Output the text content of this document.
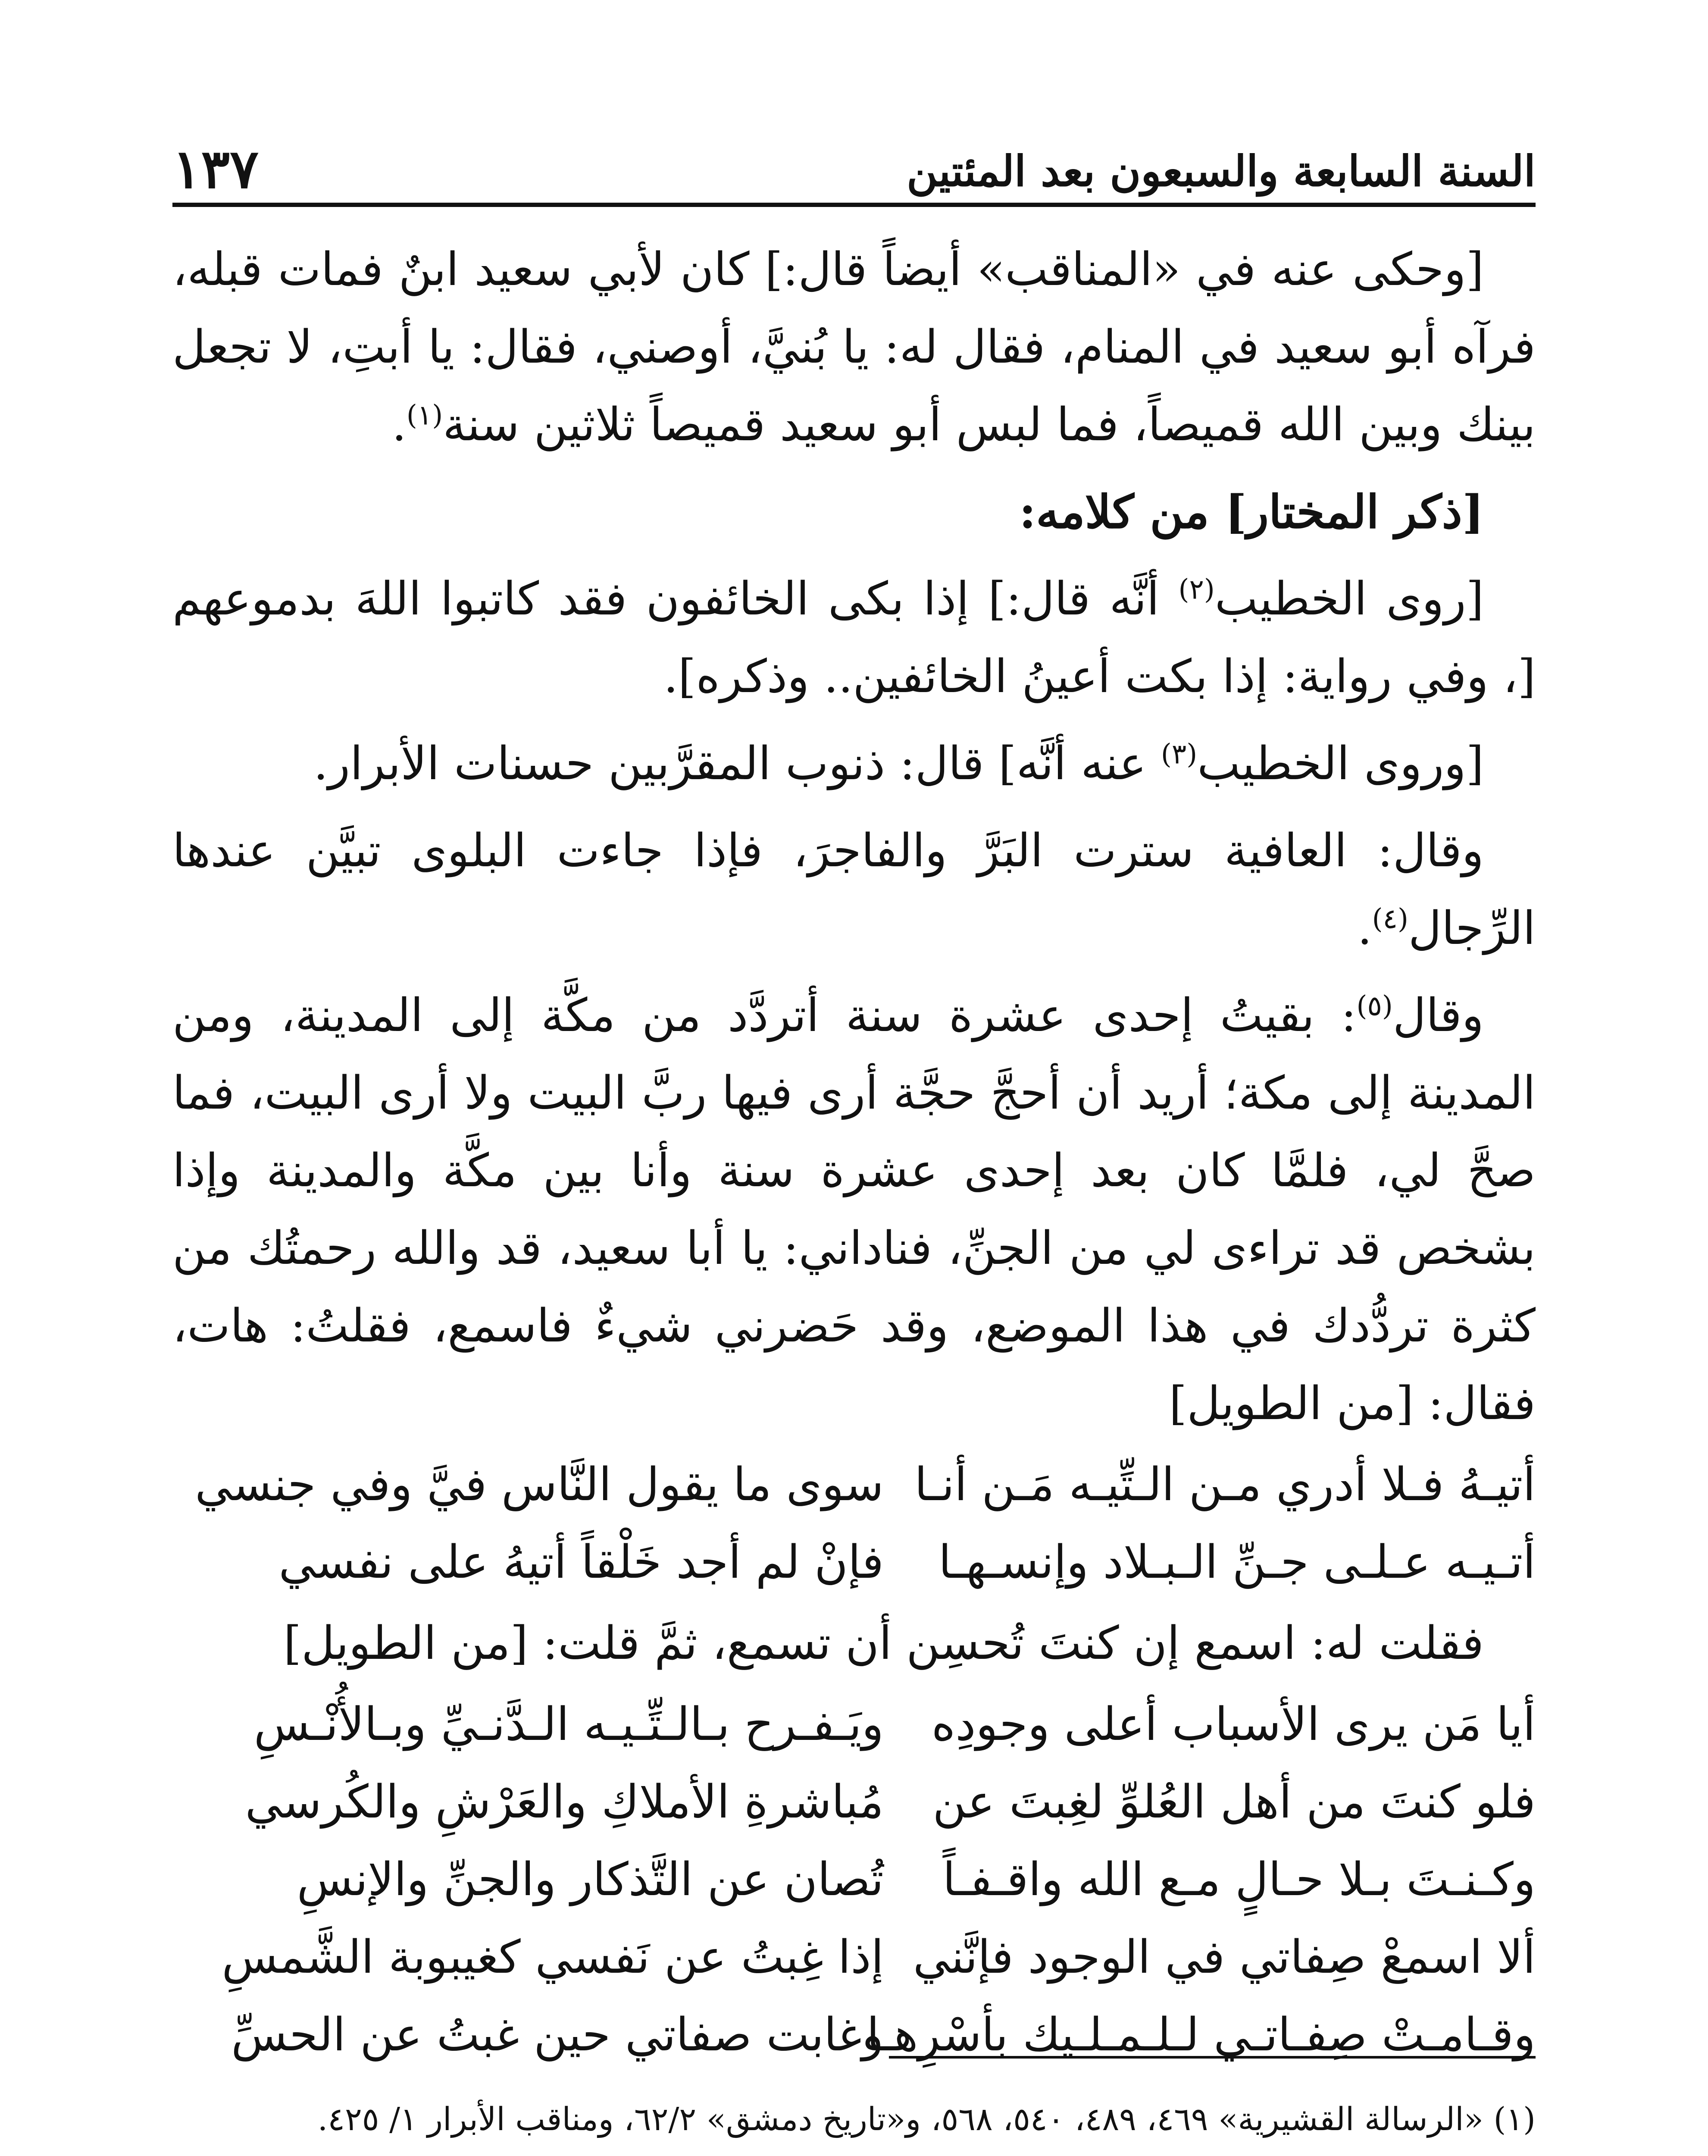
السنة السابعة والسبعون بعد المئتين
١٣٧

[وحكى عنه في «المناقب» أيضاً قال:] كان لأبي سعيد ابنٌ فمات قبله، فرآه أبو سعيد في المنام، فقال له: يا بُنيَّ، أوصني، فقال: يا أبتِ، لا تجعل بينك وبين الله قميصاً، فما لبس أبو سعيد قميصاً ثلاثين سنة$^{(١)}$.

[ذكر المختار] من كلامه:

[روى الخطيب$^{(٢)}$ أنَّه قال:] إذا بكى الخائفون فقد كاتبوا اللهَ بدموعهم [، وفي رواية: إذا بكت أعينُ الخائفين.. وذكره].

[وروى الخطيب$^{(٣)}$ عنه أنَّه] قال: ذنوب المقرَّبين حسنات الأبرار.

وقال: العافية سترت البَرَّ والفاجرَ، فإذا جاءت البلوى تبيَّن عندها الرِّجال$^{(٤)}$.

وقال$^{(٥)}$: بقيتُ إحدى عشرة سنة أتردَّد من مكَّة إلى المدينة، ومن المدينة إلى مكة؛ أريد أن أحجَّ حجَّة أرى فيها ربَّ البيت ولا أرى البيت، فما صحَّ لي، فلمَّا كان بعد إحدى عشرة سنة وأنا بين مكَّة والمدينة وإذا بشخص قد تراءى لي من الجنِّ، فناداني: يا أبا سعيد، قد والله رحمتُك من كثرة تردُّدك في هذا الموضع، وقد حَضرني شيءٌ فاسمع، فقلتُ: هات، فقال: [من الطويل]

أتيـهُ فـلا أدري مـن الـتِّيـه مَـن أنـا
سوى ما يقول النَّاس فيَّ وفي جنسي
أتـيـه عـلـى جـنِّ الـبـلاد وإنسـهـا
فإنْ لم أجد خَلْقاً أتيهُ على نفسي

فقلت له: اسمع إن كنتَ تُحسِن أن تسمع، ثمَّ قلت: [من الطويل]

أيا مَن يرى الأسباب أعلى وجودِه
ويَـفـرح بـالـتِّـيـه الـدَّنـيِّ وبـالأُنْـسِ
فلو كنتَ من أهل العُلوِّ لغِبتَ عن
مُباشرةِ الأملاكِ والعَرْشِ والكُرسي
وكـنـتَ بـلا حـالٍ مـع الله واقـفـاً
تُصان عن التَّذكار والجنِّ والإنسِ
ألا اسمعْ صِفاتي في الوجود فإنَّني
إذا غِبتُ عن نَفسي كغيبوبة الشَّمسِ
وقـامـتْ صِفـاتـي لـلـمـلـيك بأسْرِهـا
وغابت صفاتي حين غبتُ عن الحسِّ

(١) «الرسالة القشيرية» ٤٦٩، ٤٨٩، ٥٤٠، ٥٦٨، و«تاريخ دمشق» ٦٢/٢، ومناقب الأبرار ١/ ٤٢٥.
